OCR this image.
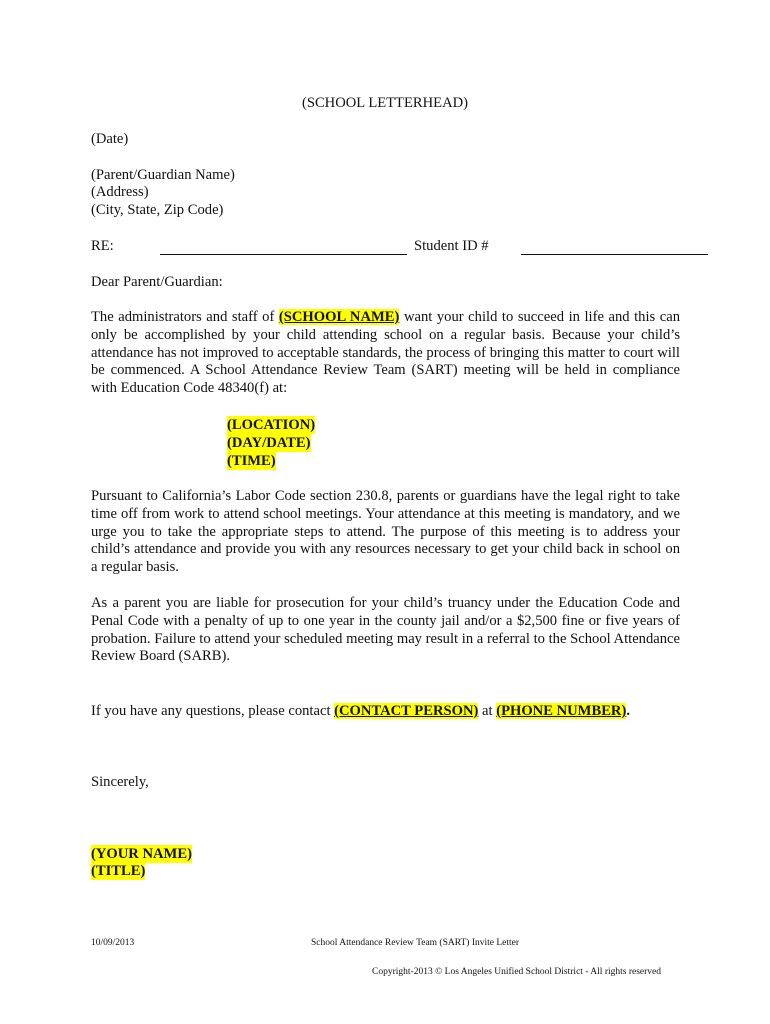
(SCHOOL LETTERHEAD)
(Date)
(Parent/Guardian Name)
(Address)
(City, State, Zip Code)
RE:	Student ID #
Dear Parent/Guardian:
The administrators and staff of (SCHOOL NAME) want your child to succeed in life and this can only be accomplished by your child attending school on a regular basis. Because your child’s attendance has not improved to acceptable standards, the process of bringing this matter to court will be commenced. A School Attendance Review Team (SART) meeting will be held in compliance with Education Code 48340(f) at:
(LOCATION)
(DAY/DATE)
(TIME)
Pursuant to California’s Labor Code section 230.8, parents or guardians have the legal right to take time off from work to attend school meetings. Your attendance at this meeting is mandatory, and we urge you to take the appropriate steps to attend. The purpose of this meeting is to address your child’s attendance and provide you with any resources necessary to get your child back in school on a regular basis.
As a parent you are liable for prosecution for your child’s truancy under the Education Code and Penal Code with a penalty of up to one year in the county jail and/or a $2,500 fine or five years of probation. Failure to attend your scheduled meeting may result in a referral to the School Attendance Review Board (SARB).
If you have any questions, please contact (CONTACT PERSON) at (PHONE NUMBER).
Sincerely,
(YOUR NAME)
(TITLE)
10/09/2013	School Attendance Review Team (SART) Invite Letter
Copyright-2013 © Los Angeles Unified School District - All rights reserved
